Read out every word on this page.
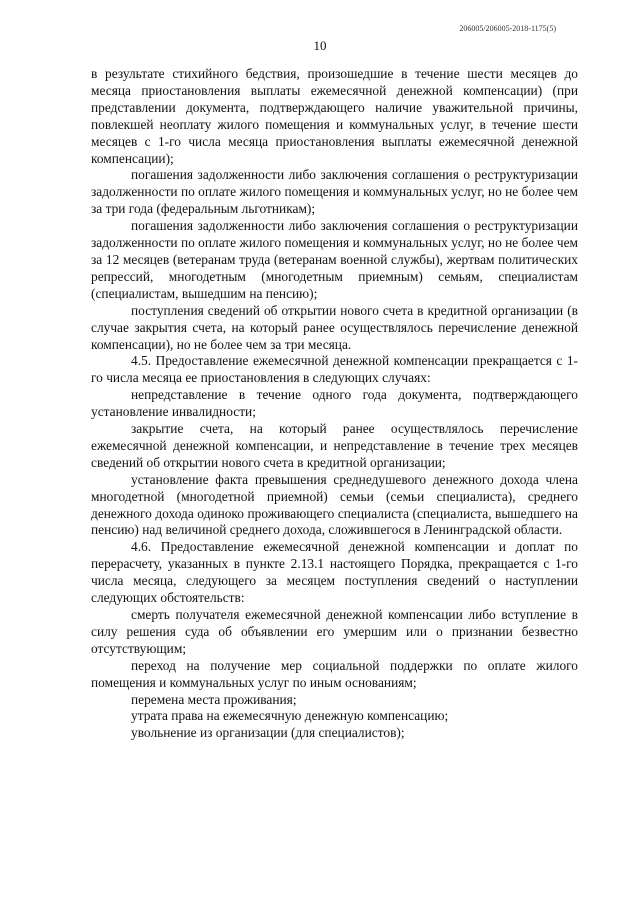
206005/206005-2018-1175(5)
10

в результате стихийного бедствия, произошедшие в течение шести месяцев до месяца приостановления выплаты ежемесячной денежной компенсации) (при представлении документа, подтверждающего наличие уважительной причины, повлекшей неоплату жилого помещения и коммунальных услуг, в течение шести месяцев с 1-го числа месяца приостановления выплаты ежемесячной денежной компенсации);

погашения задолженности либо заключения соглашения о реструктуризации задолженности по оплате жилого помещения и коммунальных услуг, но не более чем за три года (федеральным льготникам);

погашения задолженности либо заключения соглашения о реструктуризации задолженности по оплате жилого помещения и коммунальных услуг, но не более чем за 12 месяцев (ветеранам труда (ветеранам военной службы), жертвам политических репрессий, многодетным (многодетным приемным) семьям, специалистам (специалистам, вышедшим на пенсию);

поступления сведений об открытии нового счета в кредитной организации (в случае закрытия счета, на который ранее осуществлялось перечисление денежной компенсации), но не более чем за три месяца.

4.5. Предоставление ежемесячной денежной компенсации прекращается с 1-го числа месяца ее приостановления в следующих случаях:

непредставление в течение одного года документа, подтверждающего установление инвалидности;

закрытие счета, на который ранее осуществлялось перечисление ежемесячной денежной компенсации, и непредставление в течение трех месяцев сведений об открытии нового счета в кредитной организации;

установление факта превышения среднедушевого денежного дохода члена многодетной (многодетной приемной) семьи (семьи специалиста), среднего денежного дохода одиноко проживающего специалиста (специалиста, вышедшего на пенсию) над величиной среднего дохода, сложившегося в Ленинградской области.

4.6. Предоставление ежемесячной денежной компенсации и доплат по перерасчету, указанных в пункте 2.13.1 настоящего Порядка, прекращается с 1-го числа месяца, следующего за месяцем поступления сведений о наступлении следующих обстоятельств:

смерть получателя ежемесячной денежной компенсации либо вступление в силу решения суда об объявлении его умершим или о признании безвестно отсутствующим;

переход на получение мер социальной поддержки по оплате жилого помещения и коммунальных услуг по иным основаниям;

перемена места проживания;

утрата права на ежемесячную денежную компенсацию;

увольнение из организации (для специалистов);
